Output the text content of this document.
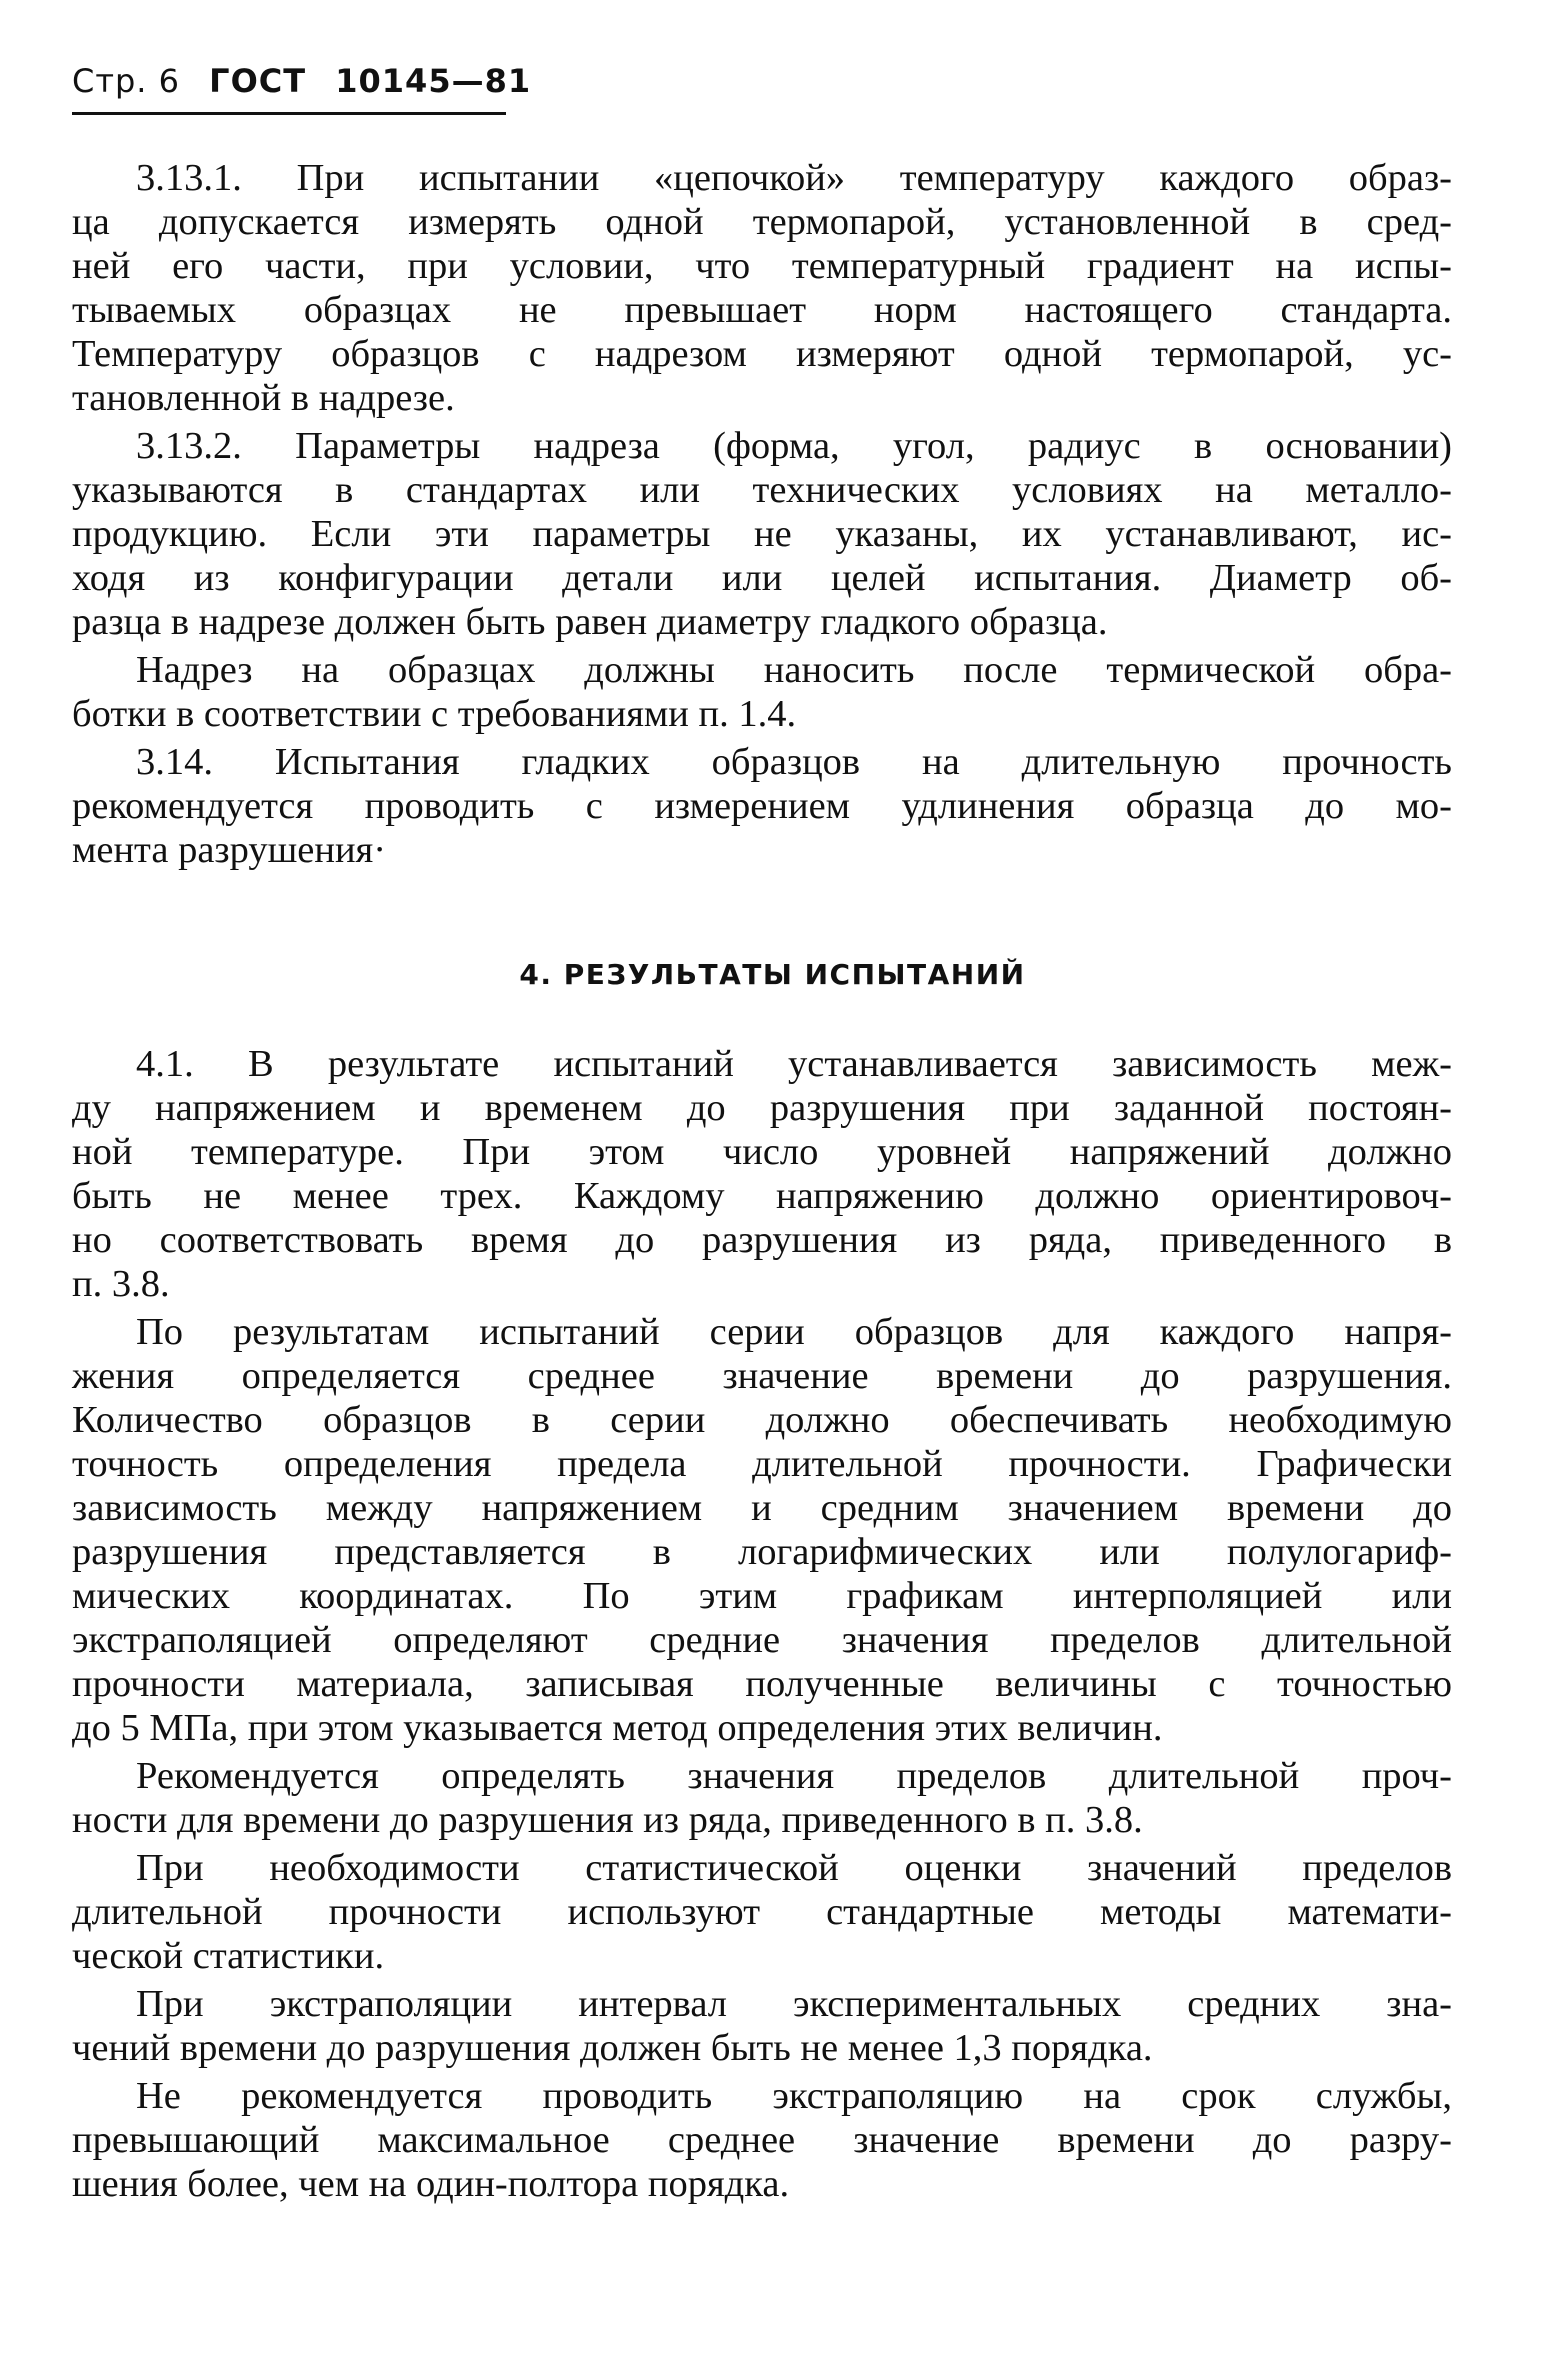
Стр. 6 ГОСТ 10145—81
3.13.1. При испытании «цепочкой» температуру каждого образ-
ца допускается измерять одной термопарой, установленной в сред-
ней его части, при условии, что температурный градиент на испы-
тываемых образцах не превышает норм настоящего стандарта.
Температуру образцов с надрезом измеряют одной термопарой, ус-
тановленной в надрезе.
3.13.2. Параметры надреза (форма, угол, радиус в основании)
указываются в стандартах или технических условиях на металло-
продукцию. Если эти параметры не указаны, их устанавливают, ис-
ходя из конфигурации детали или целей испытания. Диаметр об-
разца в надрезе должен быть равен диаметру гладкого образца.
Надрез на образцах должны наносить после термической обра-
ботки в соответствии с требованиями п. 1.4.
3.14. Испытания гладких образцов на длительную прочность
рекомендуется проводить с измерением удлинения образца до мо-
мента разрушения·
4. РЕЗУЛЬТАТЫ ИСПЫТАНИЙ
4.1. В результате испытаний устанавливается зависимость меж-
ду напряжением и временем до разрушения при заданной постоян-
ной температуре. При этом число уровней напряжений должно
быть не менее трех. Каждому напряжению должно ориентировоч-
но соответствовать время до разрушения из ряда, приведенного в
п. 3.8.
По результатам испытаний серии образцов для каждого напря-
жения определяется среднее значение времени до разрушения.
Количество образцов в серии должно обеспечивать необходимую
точность определения предела длительной прочности. Графически
зависимость между напряжением и средним значением времени до
разрушения представляется в логарифмических или полулогариф-
мических координатах. По этим графикам интерполяцией или
экстраполяцией определяют средние значения пределов длительной
прочности материала, записывая полученные величины с точностью
до 5 МПа, при этом указывается метод определения этих величин.
Рекомендуется определять значения пределов длительной проч-
ности для времени до разрушения из ряда, приведенного в п. 3.8.
При необходимости статистической оценки значений пределов
длительной прочности используют стандартные методы математи-
ческой статистики.
При экстраполяции интервал экспериментальных средних зна-
чений времени до разрушения должен быть не менее 1,3 порядка.
Не рекомендуется проводить экстраполяцию на срок службы,
превышающий максимальное среднее значение времени до разру-
шения более, чем на один-полтора порядка.
